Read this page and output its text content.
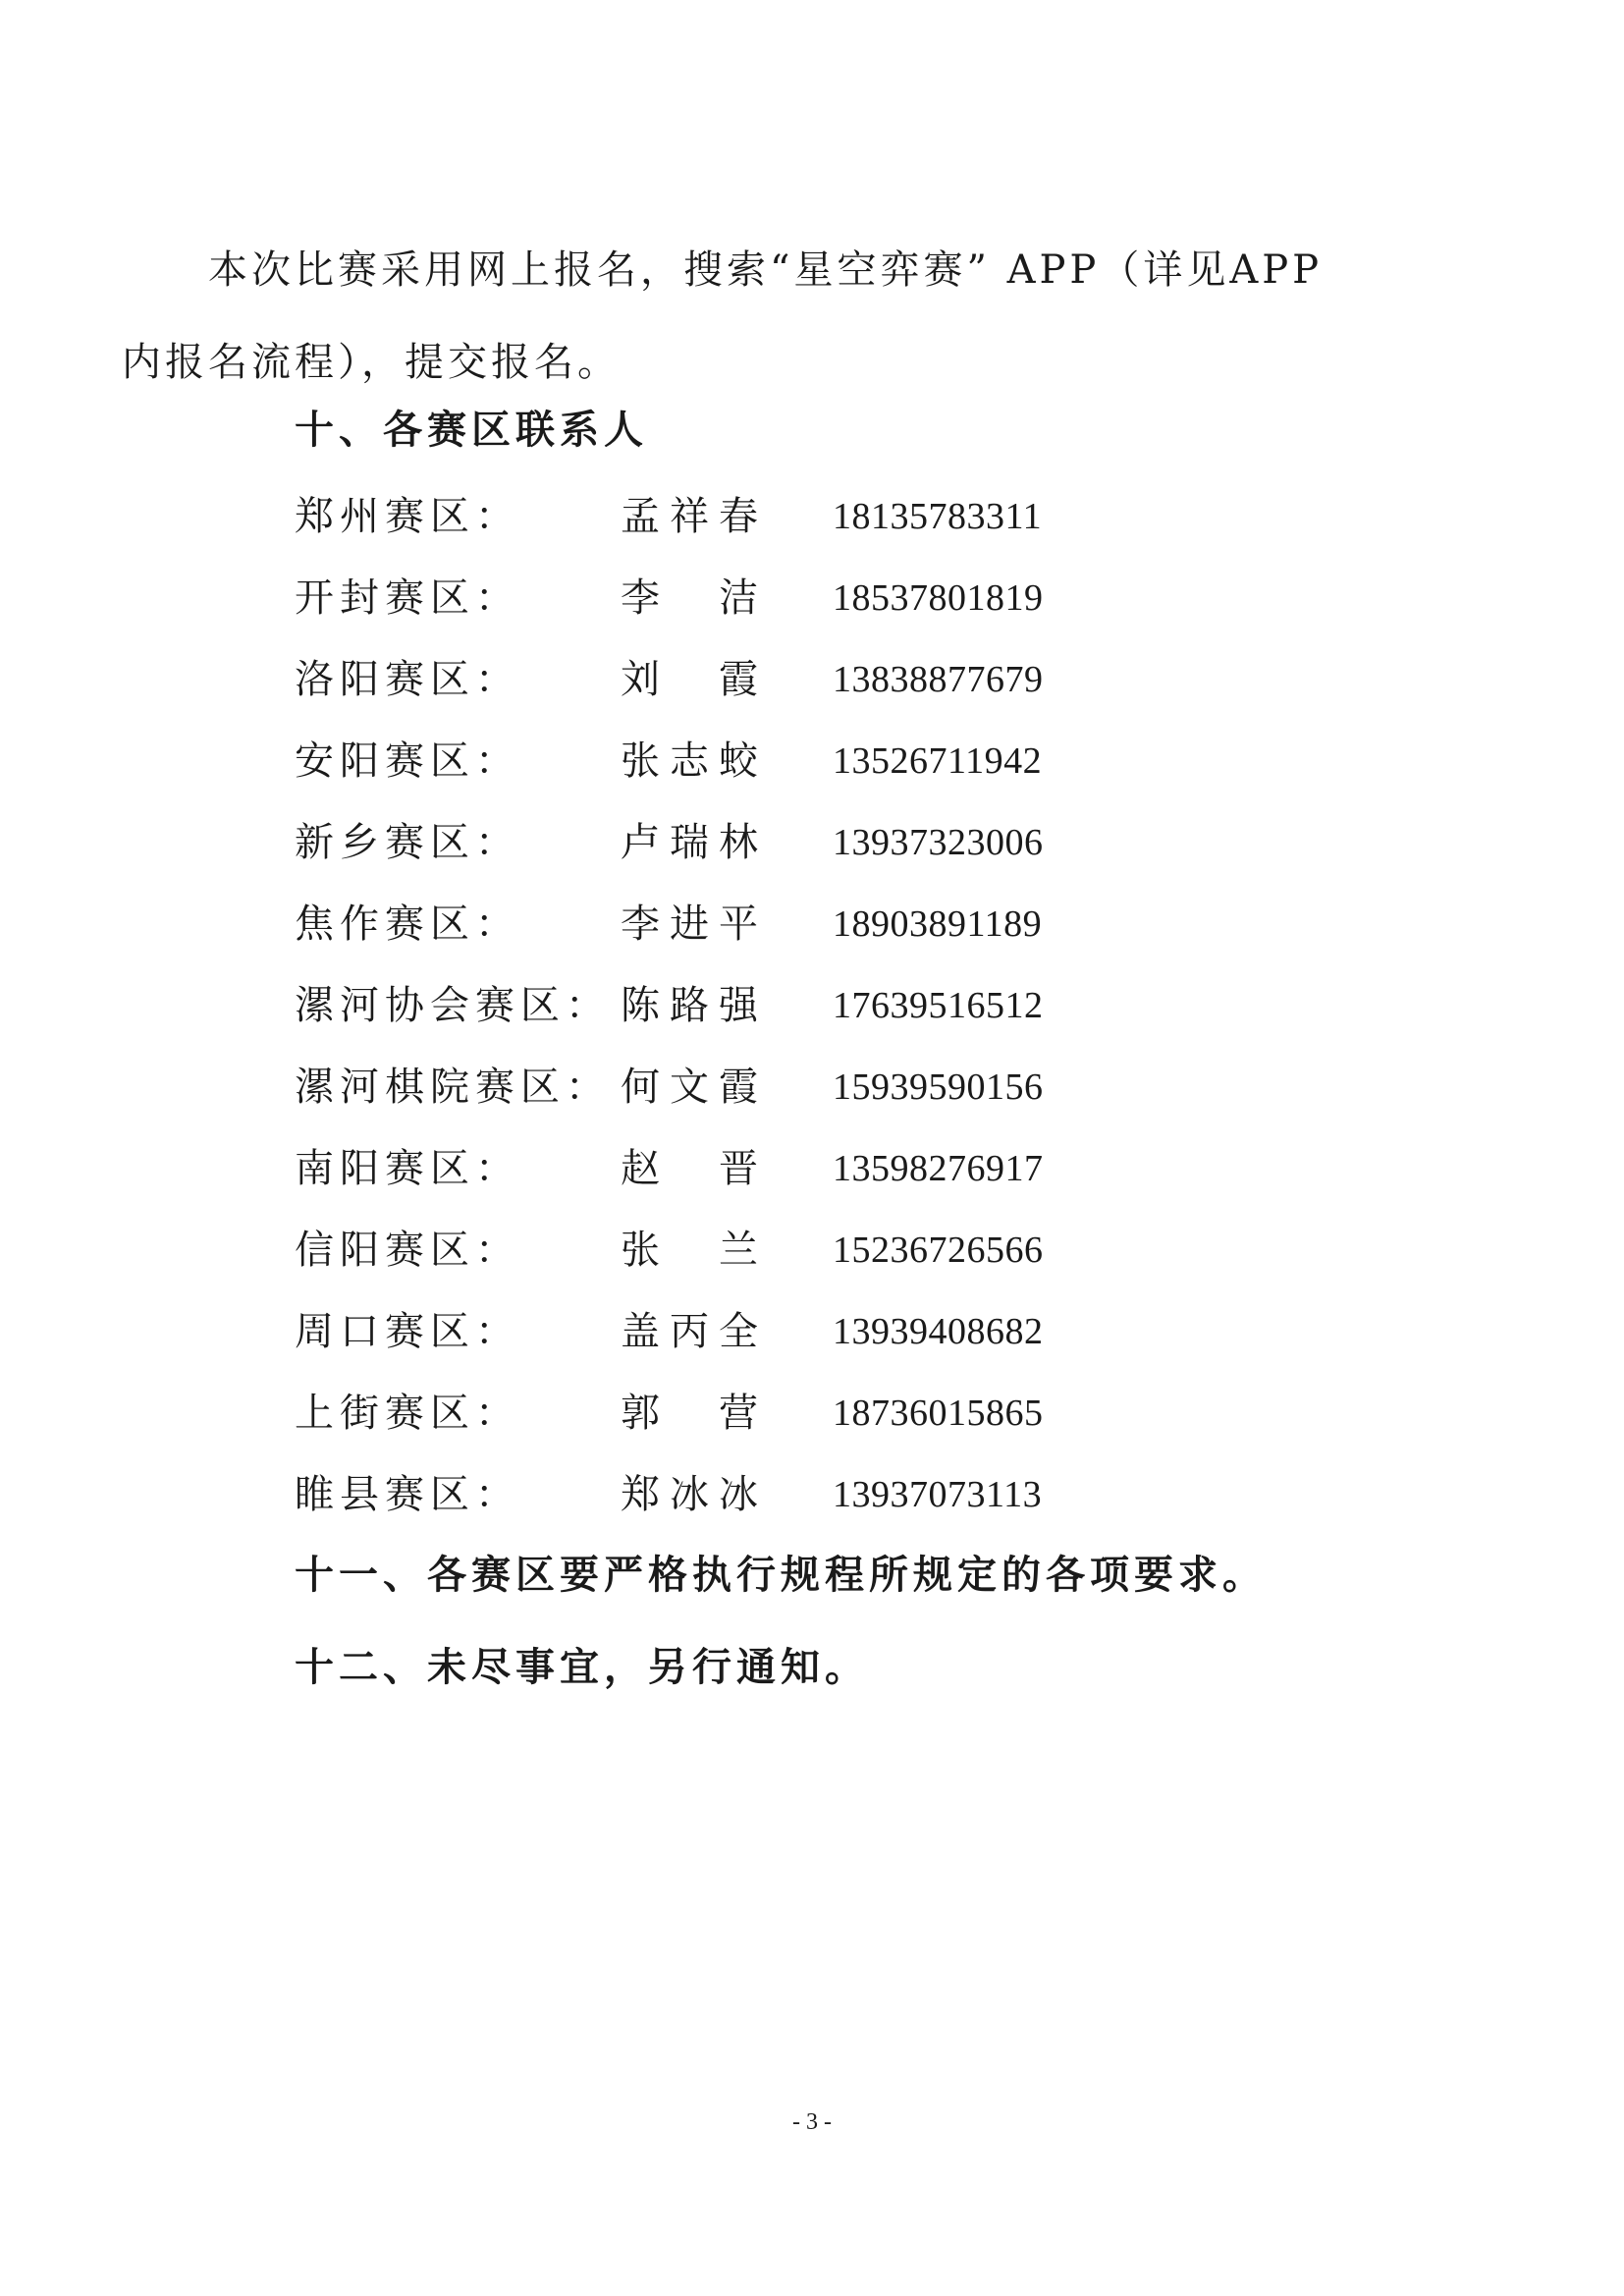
本次比赛采用网上报名，搜索“星空弈赛” APP（详见APP
内报名流程），提交报名。
十、各赛区联系人
郑州赛区：	孟祥春 18135783311
开封赛区：	李 洁 18537801819
洛阳赛区：	刘 霞 13838877679
安阳赛区：	张志蛟 13526711942
新乡赛区：	卢瑞林 13937323006
焦作赛区：	李进平 18903891189
漯河协会赛区： 陈路强 17639516512
漯河棋院赛区： 何文霞 15939590156
南阳赛区：	赵 晋 13598276917
信阳赛区：	张 兰 15236726566
周口赛区：	盖丙全 13939408682
上街赛区：	郭 营 18736015865
睢县赛区：	郑冰冰 13937073113
十一、各赛区要严格执行规程所规定的各项要求。
十二、未尽事宜，另行通知。
- 3 -
